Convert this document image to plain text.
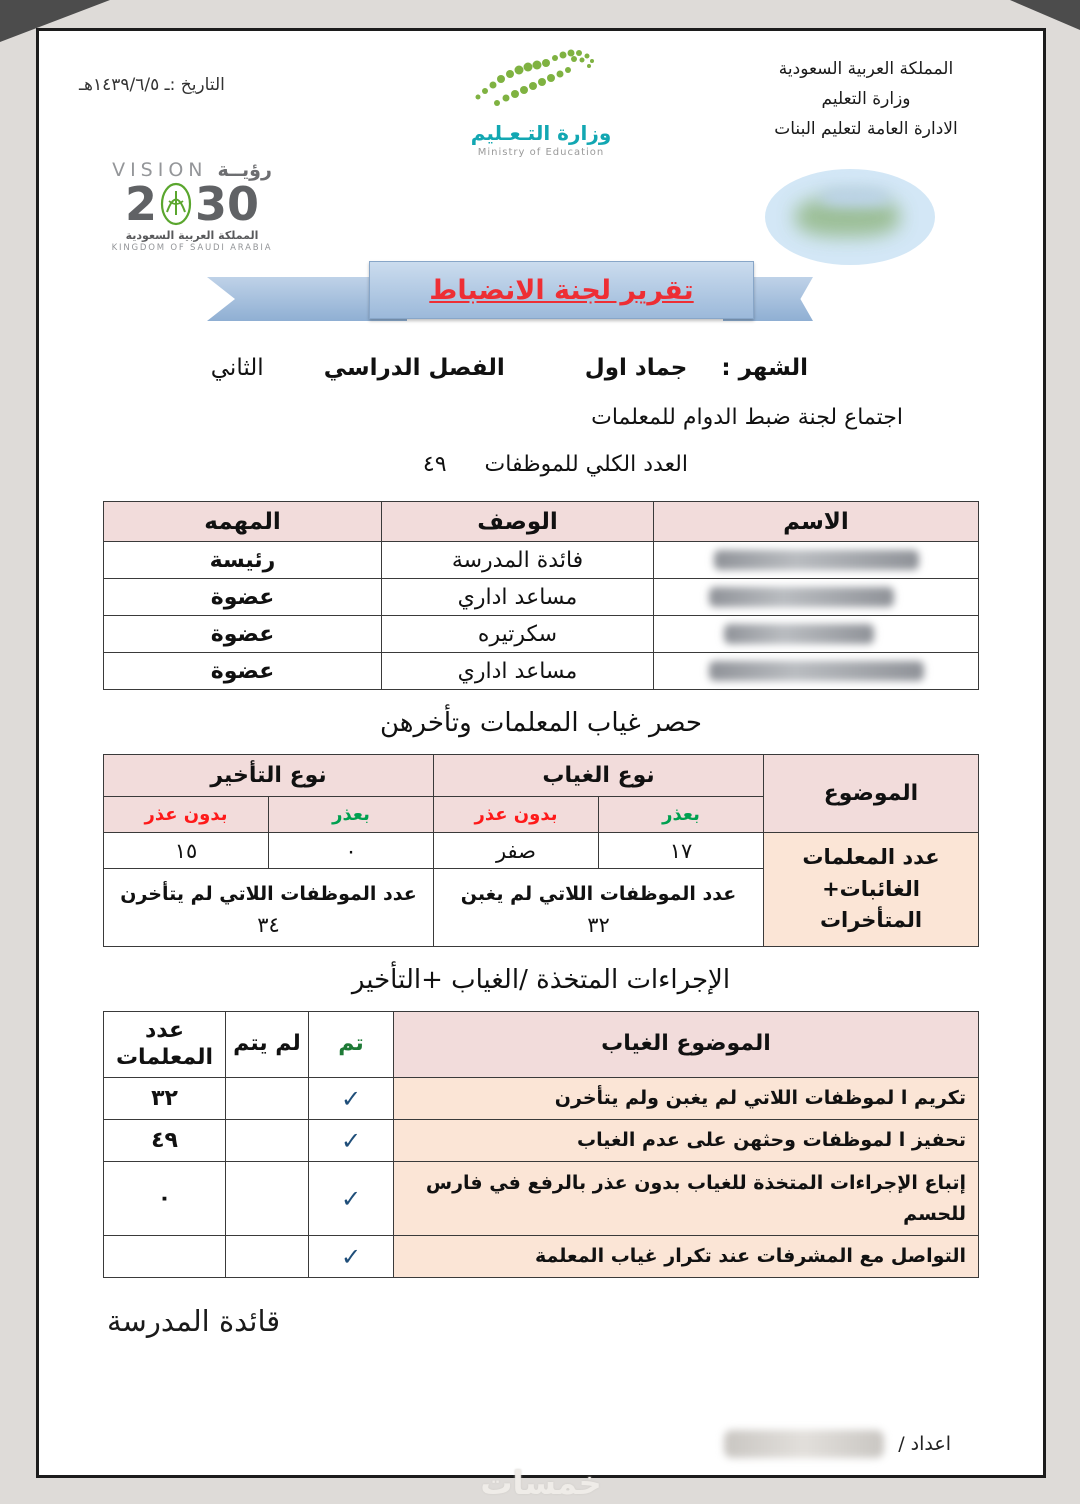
المملكة العربية السعودية
وزارة التعليم
الادارة العامة لتعليم البنات
التاريخ :ـ ١٤٣٩/٦/٥هـ
وزارة التـعـليم
Ministry of Education
VISION رؤيــة
2 30
المملكة العربية السعودية
KINGDOM OF SAUDI ARABIA
تقرير لجنة الانضباط
الشهر :
جماد اول
الفصل الدراسي
الثاني
اجتماع لجنة ضبط الدوام للمعلمات
العدد الكلي للموظفات
٤٩
الاسم	الوصف	المهمه

	فائدة المدرسة	رئيسة

	مساعد اداري	عضوة

	سكرتيره	عضوة

	مساعد اداري	عضوة
حصر غياب المعلمات وتأخرهن
الموضوع	نوع الغياب		نوع التأخير	
	بعذر	بدون عذر	بعذر	بدون عذر
عدد المعلمات الغائبات+ المتأخرات	١٧	صفر	٠	١٥

عدد الموظفات اللاتي لم يغبن
٣٢

عدد الموظفات اللاتي لم يتأخرن
٣٤
الإجراءات المتخذة /الغياب +التأخير
الموضوع الغياب	تم	لم يتم	عدد المعلمات
تكريم ا لموظفات اللاتي لم يغبن ولم يتأخرن	✓		٣٢
تحفيز ا لموظفات وحثهن على عدم الغياب	✓		٤٩
إتباع الإجراءات المتخذة للغياب بدون عذر بالرفع في فارس للحسم	✓		٠
التواصل مع المشرفات عند تكرار غياب المعلمة	✓		
قائدة المدرسة
اعداد /
خمسات
